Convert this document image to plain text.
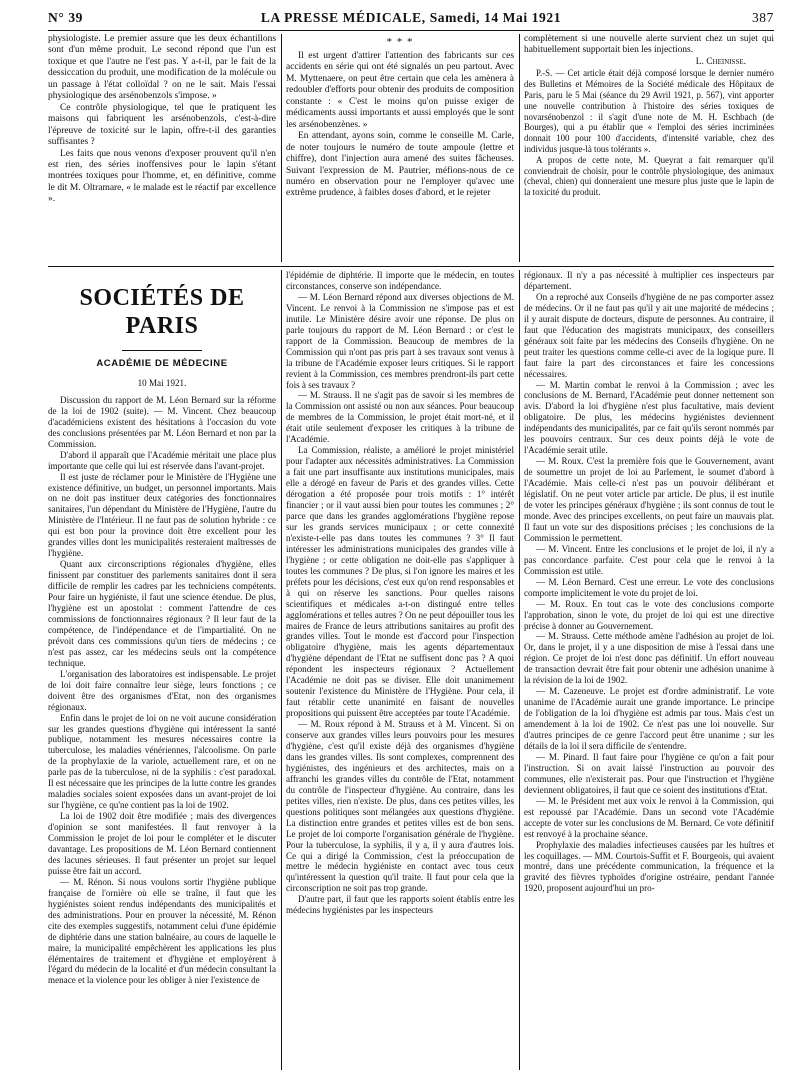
N° 39	LA PRESSE MÉDICALE, Samedi, 14 Mai 1921	387

physiologiste. Le premier assure que les deux échantillons sont d'un même produit. Le second répond que l'un est toxique et que l'autre ne l'est pas. Y a-t-il, par le fait de la dessiccation du produit, une modification de la molécule ou un passage à l'état colloïdal ? on ne le sait. Mais l'essai physiologique des arsénobenzols s'impose. »

Ce contrôle physiologique, tel que le pratiquent les maisons qui fabriquent les arsénobenzols, c'est-à-dire l'épreuve de toxicité sur le lapin, offre-t-il des garanties suffisantes ?

Les faits que nous venons d'exposer prouvent qu'il n'en est rien, des séries inoffensives pour le lapin s'étant montrées toxiques pour l'homme, et, en définitive, comme le dit M. Oltramare, « le malade est le réactif par excellence ».

* * *

Il est urgent d'attirer l'attention des fabricants sur ces accidents en série qui ont été signalés un peu partout. Avec M. Myttenaere, on peut être certain que cela les amènera à redoubler d'efforts pour obtenir des produits de composition constante : « C'est le moins qu'on puisse exiger de médicaments aussi importants et aussi employés que le sont les arsénobenzènes. »

En attendant, ayons soin, comme le conseille M. Carle, de noter toujours le numéro de toute ampoule (lettre et chiffre), dont l'injection aura amené des suites fâcheuses. Suivant l'expression de M. Pautrier, méfions-nous de ce numéro en observation pour ne l'employer qu'avec une extrême prudence, à faibles doses d'abord, et le rejeter

complètement si une nouvelle alerte survient chez un sujet qui habituellement supportait bien les injections.

L. Cheinisse.

P.-S. — Cet article était déjà composé lorsque le dernier numéro des Bulletins et Mémoires de la Société médicale des Hôpitaux de Paris, paru le 5 Mai (séance du 29 Avril 1921, p. 567), vint apporter une nouvelle contribution à l'histoire des séries toxiques de novarsénobenzol : il s'agit d'une note de M. H. Eschbach (de Bourges), qui a pu établir que « l'emploi des séries incriminées donnait 100 pour 100 d'accidents, d'intensité variable, chez des individus jusque-là tous tolérants ».

A propos de cette note, M. Queyrat a fait remarquer qu'il conviendrait de choisir, pour le contrôle physiologique, des animaux (cheval, chien) qui donneraient une mesure plus juste que le lapin de la toxicité du produit.

SOCIÉTÉS DE PARIS
ACADÉMIE DE MÉDECINE
10 Mai 1921.

Discussion du rapport de M. Léon Bernard sur la réforme de la loi de 1902 (suite). — M. Vincent. Chez beaucoup d'académiciens existent des hésitations à l'occasion du vote des conclusions présentées par M. Léon Bernard et non par la Commission.

D'abord il apparaît que l'Académie méritait une place plus importante que celle qui lui est réservée dans l'avant-projet.

Il est juste de réclamer pour le Ministère de l'Hygiène une existence définitive, un budget, un personnel importants. Mais on ne doit pas instituer deux catégories des fonctionnaires sanitaires, l'un dépendant du Ministère de l'Hygiène, l'autre du Ministère de l'Intérieur. Il ne faut pas de solution hybride : ce qui est bon pour la province doit être excellent pour les grandes villes dont les municipalités resteraient maîtresses de l'hygiène.

Quant aux circonscriptions régionales d'hygiène, elles finissent par constituer des parlements sanitaires dont il sera difficile de remplir les cadres par les techniciens compétents. Pour faire un hygiéniste, il faut une science étendue. De plus, l'hygiène est un apostolat : comment l'attendre de ces commissions de fonctionnaires régionaux ? Il leur faut de la compétence, de l'indépendance et de l'impartialité. On ne prévoit dans ces commissions qu'un tiers de médecins ; ce n'est pas assez, car les médecins seuls ont la compétence technique.

L'organisation des laboratoires est indispensable. Le projet de loi doit faire connaître leur siège, leurs fonctions ; ce doivent être des organismes d'Etat, non des organismes régionaux.

Enfin dans le projet de loi on ne voit aucune considération sur les grandes questions d'hygiène qui intéressent la santé publique, notamment les mesures nécessaires contre la tuberculose, les maladies vénériennes, l'alcoolisme. On parle de la prophylaxie de la variole, actuellement rare, et on ne parle pas de la tuberculose, ni de la syphilis : c'est paradoxal. Il est nécessaire que les principes de la lutte contre les grandes maladies sociales soient exposées dans un avant-projet de loi sur l'hygiène, ce qu'ne contient pas la loi de 1902.

La loi de 1902 doit être modifiée ; mais des divergences d'opinion se sont manifestées. Il faut renvoyer à la Commission le projet de loi pour le compléter et le discuter davantage. Les propositions de M. Léon Bernard contiennent des lacunes sérieuses. Il faut présenter un projet sur lequel puisse être fait un accord.

— M. Rénon. Si nous voulons sortir l'hygiène publique française de l'ornière où elle se traîne, il faut que les hygiénistes soient rendus indépendants des municipalités et des administrations. Pour en prouver la nécessité, M. Rénon cite des exemples suggestifs, notamment celui d'une épidémie de diphtérie dans une station balnéaire, au cours de laquelle le maire, la municipalité empêchèrent les applications les plus élémentaires de traitement et d'hygiène et employèrent à l'égard du médecin de la localité et d'un médecin consultant la menace et la violence pour les obliger à nier l'existence de

l'épidémie de diphtérie. Il importe que le médecin, en toutes circonstances, conserve son indépendance.

— M. Léon Bernard répond aux diverses objections de M. Vincent. Le renvoi à la Commission ne s'impose pas et est inutile. Le Ministère désire avoir une réponse. De plus on parle toujours du rapport de M. Léon Bernard : or c'est le rapport de la Commission. Beaucoup de membres de la Commission qui n'ont pas pris part à ses travaux sont venus à la tribune de l'Académie exposer leurs critiques. Si le rapport revient à la Commission, ces membres prendront-ils part cette fois à ses travaux ?

— M. Strauss. Il ne s'agit pas de savoir si les membres de la Commission ont assisté ou non aux séances. Pour beaucoup de membres de la Commission, le projet était mort-né, et il était utile seulement d'exposer les critiques à la tribune de l'Académie.

La Commission, réaliste, a amélioré le projet ministériel pour l'adapter aux nécessités administratives. La Commission a fait une part insuffisante aux institutions municipales, mais elle a dérogé en faveur de Paris et des grandes villes. Cette dérogation a été proposée pour trois motifs : 1° intérêt financier ; or il vaut aussi bien pour toutes les communes ; 2° parce que dans les grandes agglomérations l'hygiène repose sur les grands services municipaux ; or cette connexité n'existe-t-elle pas dans toutes les communes ? 3° Il faut intéresser les administrations municipales des grandes ville à l'hygiène ; or cette obligation ne doit-elle pas s'appliquer à toutes les communes ? De plus, si l'on ignore les maires et les préfets pour les décisions, c'est eux qu'on rend responsables et à qui on réserve les sanctions. Pour quelles raisons scientifiques et médicales a-t-on distingué entre telles agglomérations et telles autres ? On ne peut dépouiller tous les maires de France de leurs attributions sanitaires au profit des grandes villes. Tout le monde est d'accord pour l'inspection obligatoire d'hygiène, mais les agents départementaux d'hygiène dépendant de l'Etat ne suffisent donc pas ? A quoi répondent les inspecteurs régionaux ? Actuellement l'Académie ne doit pas se diviser. Elle doit unanimement soutenir l'existence du Ministère de l'Hygiène. Pour cela, il faut rétablir cette unanimité en faisant de nouvelles propositions qui puissent être acceptées par toute l'Académie.

— M. Roux répond à M. Strauss et à M. Vincent. Si on conserve aux grandes villes leurs pouvoirs pour les mesures d'hygiène, c'est qu'il existe déjà des organismes d'hygiène dans les grandes villes. Ils sont complexes, comprennent des hygiénistes, des ingénieurs et des architectes, mais on a affranchi les grandes villes du contrôle de l'Etat, notamment du contrôle de l'inspecteur d'hygiène. Au contraire, dans les petites villes, rien n'existe. De plus, dans ces petites villes, les questions politiques sont mélangées aux questions d'hygiène. La distinction entre grandes et petites villes est de bon sens. Le projet de loi comporte l'organisation générale de l'hygiène. Pour la tuberculose, la syphilis, il y a, il y aura d'autres lois. Ce qui a dirigé la Commission, c'est la préoccupation de mettre le médecin hygiéniste en contact avec tous ceux qu'intéressent la question qu'il traite. Il faut pour cela que la circonscription ne soit pas trop grande.

D'autre part, il faut que les rapports soient établis entre les médecins hygiénistes par les inspecteurs

régionaux. Il n'y a pas nécessité à multiplier ces inspecteurs par département.

On a reproché aux Conseils d'hygiène de ne pas comporter assez de médecins. Or il ne faut pas qu'il y ait une majorité de médecins ; il y aurait dispute de docteurs, dispute de personnes. Au contraire, il faut que l'éducation des magistrats municipaux, des conseillers généraux soit faite par les médecins des Conseils d'hygiène. On ne peut traiter les questions comme celle-ci avec de la logique pure. Il faut faire la part des circonstances et faire les concessions nécessaires.

— M. Martin combat le renvoi à la Commission ; avec les conclusions de M. Bernard, l'Académie peut donner nettement son avis. D'abord la loi d'hygiène n'est plus facultative, mais devient obligatoire. De plus, les médecins hygiénistes deviennent indépendants des municipalités, par ce fait qu'ils seront nommés par les pouvoirs centraux. Sur ces deux points déjà le vote de l'Académie serait utile.

— M. Roux. C'est la première fois que le Gouvernement, avant de soumettre un projet de loi au Parlement, le soumet d'abord à l'Académie. Mais celle-ci n'est pas un pouvoir délibérant et législatif. On ne peut voter article par article. De plus, il est inutile de voter les principes généraux d'hygiène ; ils sont connus de tout le monde. Avec des principes excellents, on peut faire un mauvais plat. Il faut un vote sur des dispositions précises ; les conclusions de la Commission le permettent.

— M. Vincent. Entre les conclusions et le projet de loi, il n'y a pas concordance parfaite. C'est pour cela que le renvoi à la Commission est utile.

— M. Léon Bernard. C'est une erreur. Le vote des conclusions comporte implicitement le vote du projet de loi.

— M. Roux. En tout cas le vote des conclusions comporte l'approbation, sinon le vote, du projet de loi qui est une directive précise à donner au Gouvernement.

— M. Strauss. Cette méthode amène l'adhésion au projet de loi. Or, dans le projet, il y a une disposition de mise à l'essai dans une région. Ce projet de loi n'est donc pas définitif. Un effort nouveau de transaction devrait être fait pour obtenir une adhésion unanime à la révision de la loi de 1902.

— M. Cazeneuve. Le projet est d'ordre administratif. Le vote unanime de l'Académie aurait une grande importance. Le principe de l'obligation de la loi d'hygiène est admis par tous. Mais c'est un amendement à la loi de 1902. Ce n'est pas une loi nouvelle. Sur d'autres principes de ce genre l'accord peut être unanime ; sur les détails de la loi il sera difficile de s'entendre.

— M. Pinard. Il faut faire pour l'hygiène ce qu'on a fait pour l'instruction. Si on avait laissé l'instruction au pouvoir des communes, elle n'existerait pas. Pour que l'instruction et l'hygiène deviennent obligatoires, il faut que ce soient des institutions d'Etat.

— M. le Président met aux voix le renvoi à la Commission, qui est repoussé par l'Académie. Dans un second vote l'Académie accepte de voter sur les conclusions de M. Bernard. Ce vote définitif est renvoyé à la prochaine séance.

Prophylaxie des maladies infectieuses causées par les huîtres et les coquillages. — MM. Courtois-Suffit et F. Bourgeois, qui avaient montré, dans une précédente communication, la fréquence et la gravité des fièvres typhoïdes d'origine ostréaire, pendant l'année 1920, proposent aujourd'hui un pro-
